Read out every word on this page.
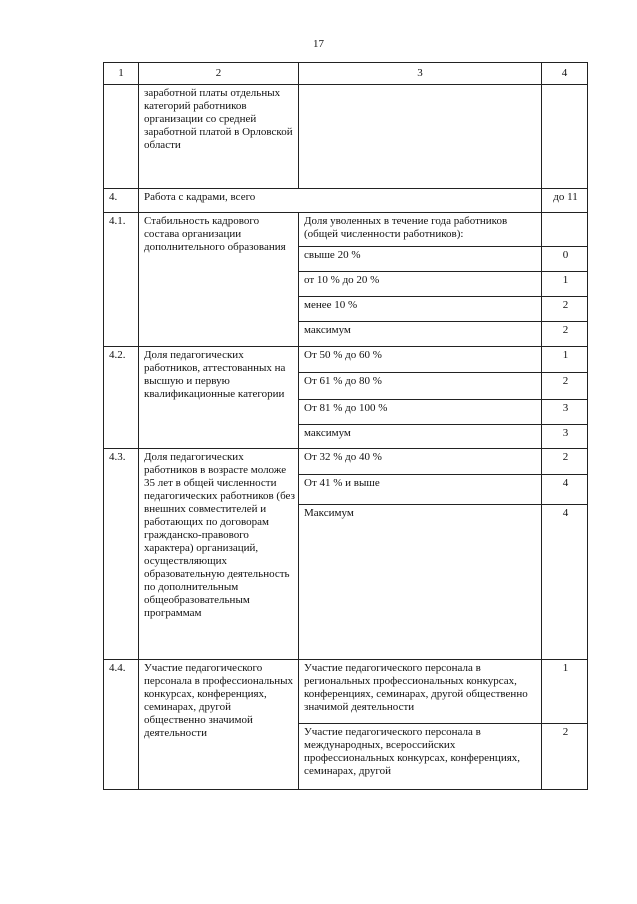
17
1	2	3	4
	заработной платы отдельных категорий работников организации со средней заработной платой в Орловской области		
4.	Работа с кадрами, всего		до 11
4.1.	Стабильность кадрового состава организации дополнительного образования	Доля уволенных в течение года работников (общей численности работников):	
		свыше 20 %	0
		от 10 % до 20 %	1
		менее 10 %	2
		максимум	2
4.2.	Доля педагогических работников, аттестованных на высшую и первую квалификационные категории	От 50 % до 60 %	1
		От 61 % до 80 %	2
		От 81 % до 100 %	3
		максимум	3
4.3.	Доля педагогических работников в возрасте моложе 35 лет в общей численности педагогических работников (без внешних совместителей и работающих по договорам гражданско-правового характера) организаций, осуществляющих образовательную деятельность по дополнительным общеобразовательным программам	От 32 % до 40 %	2
		От 41 % и выше	4
		Максимум	4
4.4.	Участие педагогического персонала в профессиональных конкурсах, конференциях, семинарах, другой общественно значимой деятельности	Участие педагогического персонала в региональных профессиональных конкурсах, конференциях, семинарах, другой общественно значимой деятельности	1
		Участие педагогического персонала в международных, всероссийских профессиональных конкурсах, конференциях, семинарах, другой	2
